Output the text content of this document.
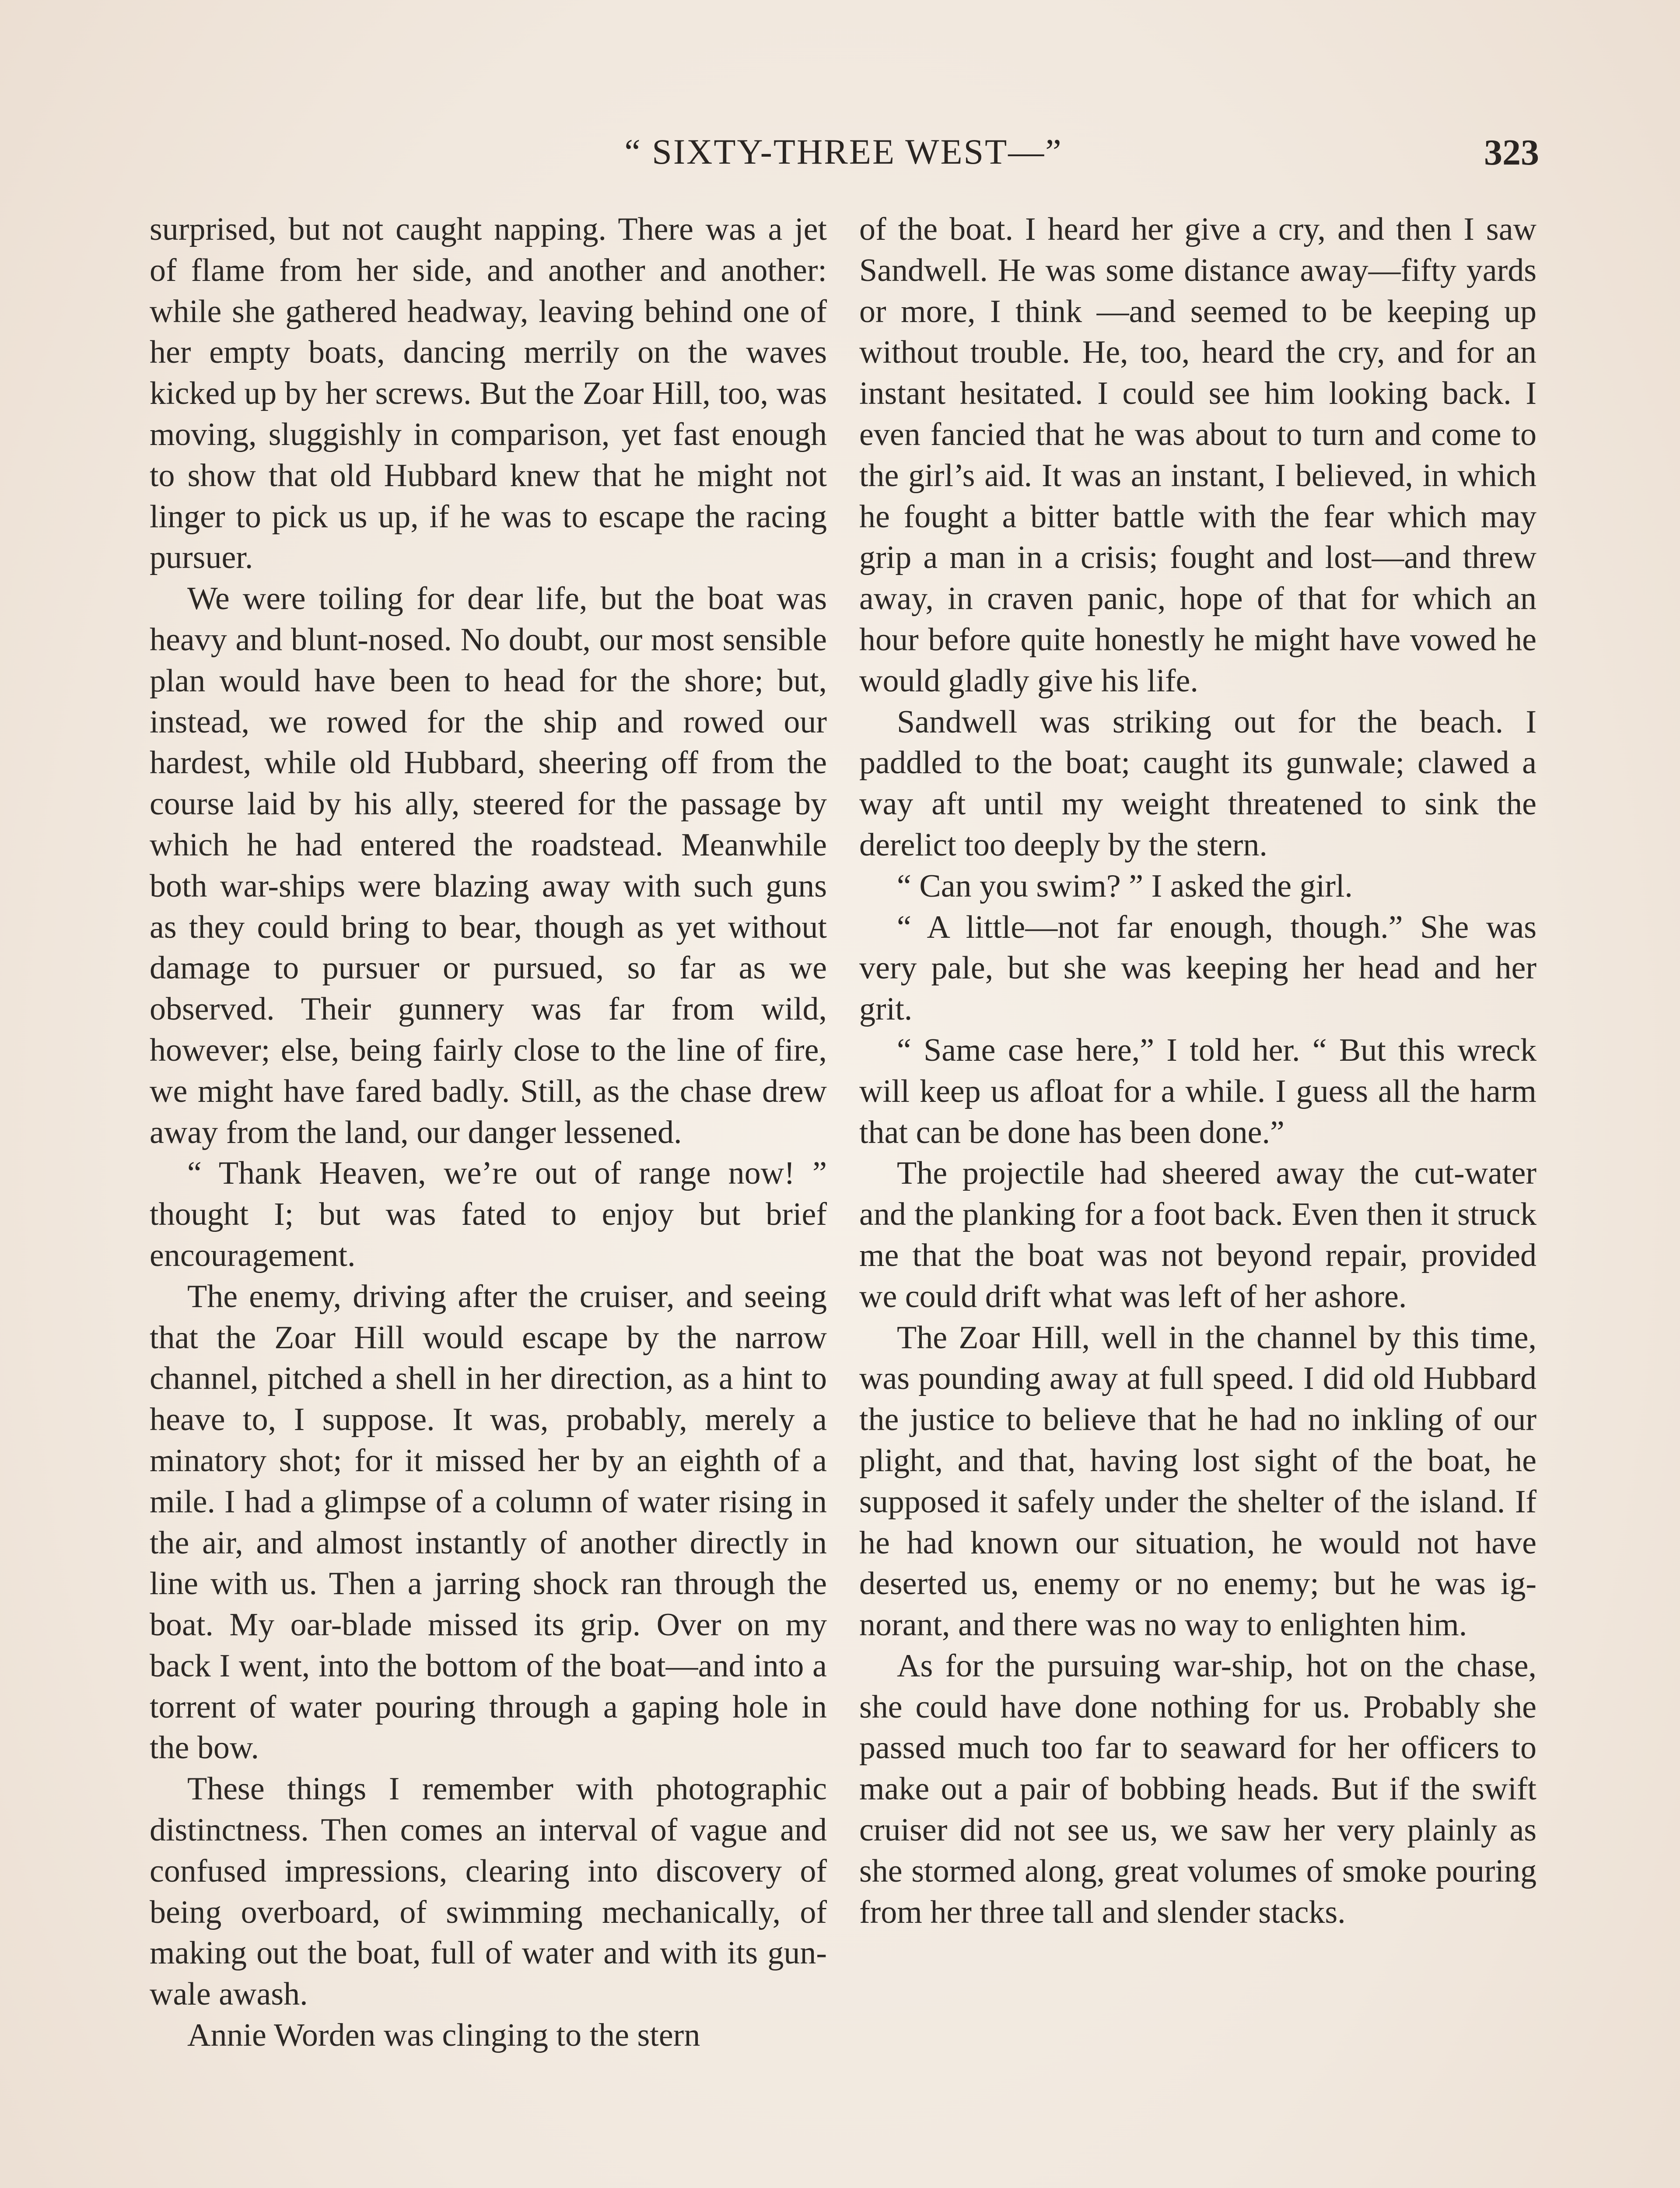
“ SIXTY-THREE WEST—”	323

surprised, but not caught napping. There was a jet of flame from her side, and another and another: while she gathered headway, leaving behind one of her empty boats, dancing merrily on the waves kicked up by her screws. But the Zoar Hill, too, was moving, sluggishly in comparison, yet fast enough to show that old Hubbard knew that he might not linger to pick us up, if he was to escape the racing pursuer.

We were toiling for dear life, but the boat was heavy and blunt-nosed. No doubt, our most sensible plan would have been to head for the shore; but, instead, we rowed for the ship and rowed our hardest, while old Hubbard, sheering off from the course laid by his ally, steered for the passage by which he had entered the roadstead. Meanwhile both war-ships were blazing away with such guns as they could bring to bear, though as yet without damage to pursuer or pursued, so far as we observed. Their gunnery was far from wild, however; else, being fairly close to the line of fire, we might have fared badly. Still, as the chase drew away from the land, our danger lessened.

“ Thank Heaven, we’re out of range now! ” thought I; but was fated to enjoy but brief encouragement.

The enemy, driving after the cruiser, and seeing that the Zoar Hill would escape by the narrow channel, pitched a shell in her direction, as a hint to heave to, I suppose. It was, probably, merely a minatory shot; for it missed her by an eighth of a mile. I had a glimpse of a column of water rising in the air, and almost instantly of another directly in line with us. Then a jarring shock ran through the boat. My oar-blade missed its grip. Over on my back I went, into the bottom of the boat—and into a torrent of water pouring through a gaping hole in the bow.

These things I remember with photographic distinctness. Then comes an interval of vague and confused impressions, clearing into discovery of being overboard, of swimming mechanically, of making out the boat, full of water and with its gunwale awash.

Annie Worden was clinging to the stern

of the boat. I heard her give a cry, and then I saw Sandwell. He was some distance away—fifty yards or more, I think —and seemed to be keeping up without trouble. He, too, heard the cry, and for an instant hesitated. I could see him looking back. I even fancied that he was about to turn and come to the girl’s aid. It was an instant, I believed, in which he fought a bitter battle with the fear which may grip a man in a crisis; fought and lost—and threw away, in craven panic, hope of that for which an hour before quite honestly he might have vowed he would gladly give his life.

Sandwell was striking out for the beach. I paddled to the boat; caught its gunwale; clawed a way aft until my weight threatened to sink the derelict too deeply by the stern.

“ Can you swim? ” I asked the girl.

“ A little—not far enough, though.” She was very pale, but she was keeping her head and her grit.

“ Same case here,” I told her. “ But this wreck will keep us afloat for a while. I guess all the harm that can be done has been done.”

The projectile had sheered away the cut-water and the planking for a foot back. Even then it struck me that the boat was not beyond repair, provided we could drift what was left of her ashore.

The Zoar Hill, well in the channel by this time, was pounding away at full speed. I did old Hubbard the justice to believe that he had no inkling of our plight, and that, having lost sight of the boat, he supposed it safely under the shelter of the island. If he had known our situation, he would not have deserted us, enemy or no enemy; but he was ignorant, and there was no way to enlighten him.

As for the pursuing war-ship, hot on the chase, she could have done nothing for us. Probably she passed much too far to seaward for her officers to make out a pair of bobbing heads. But if the swift cruiser did not see us, we saw her very plainly as she stormed along, great volumes of smoke pouring from her three tall and slender stacks.
